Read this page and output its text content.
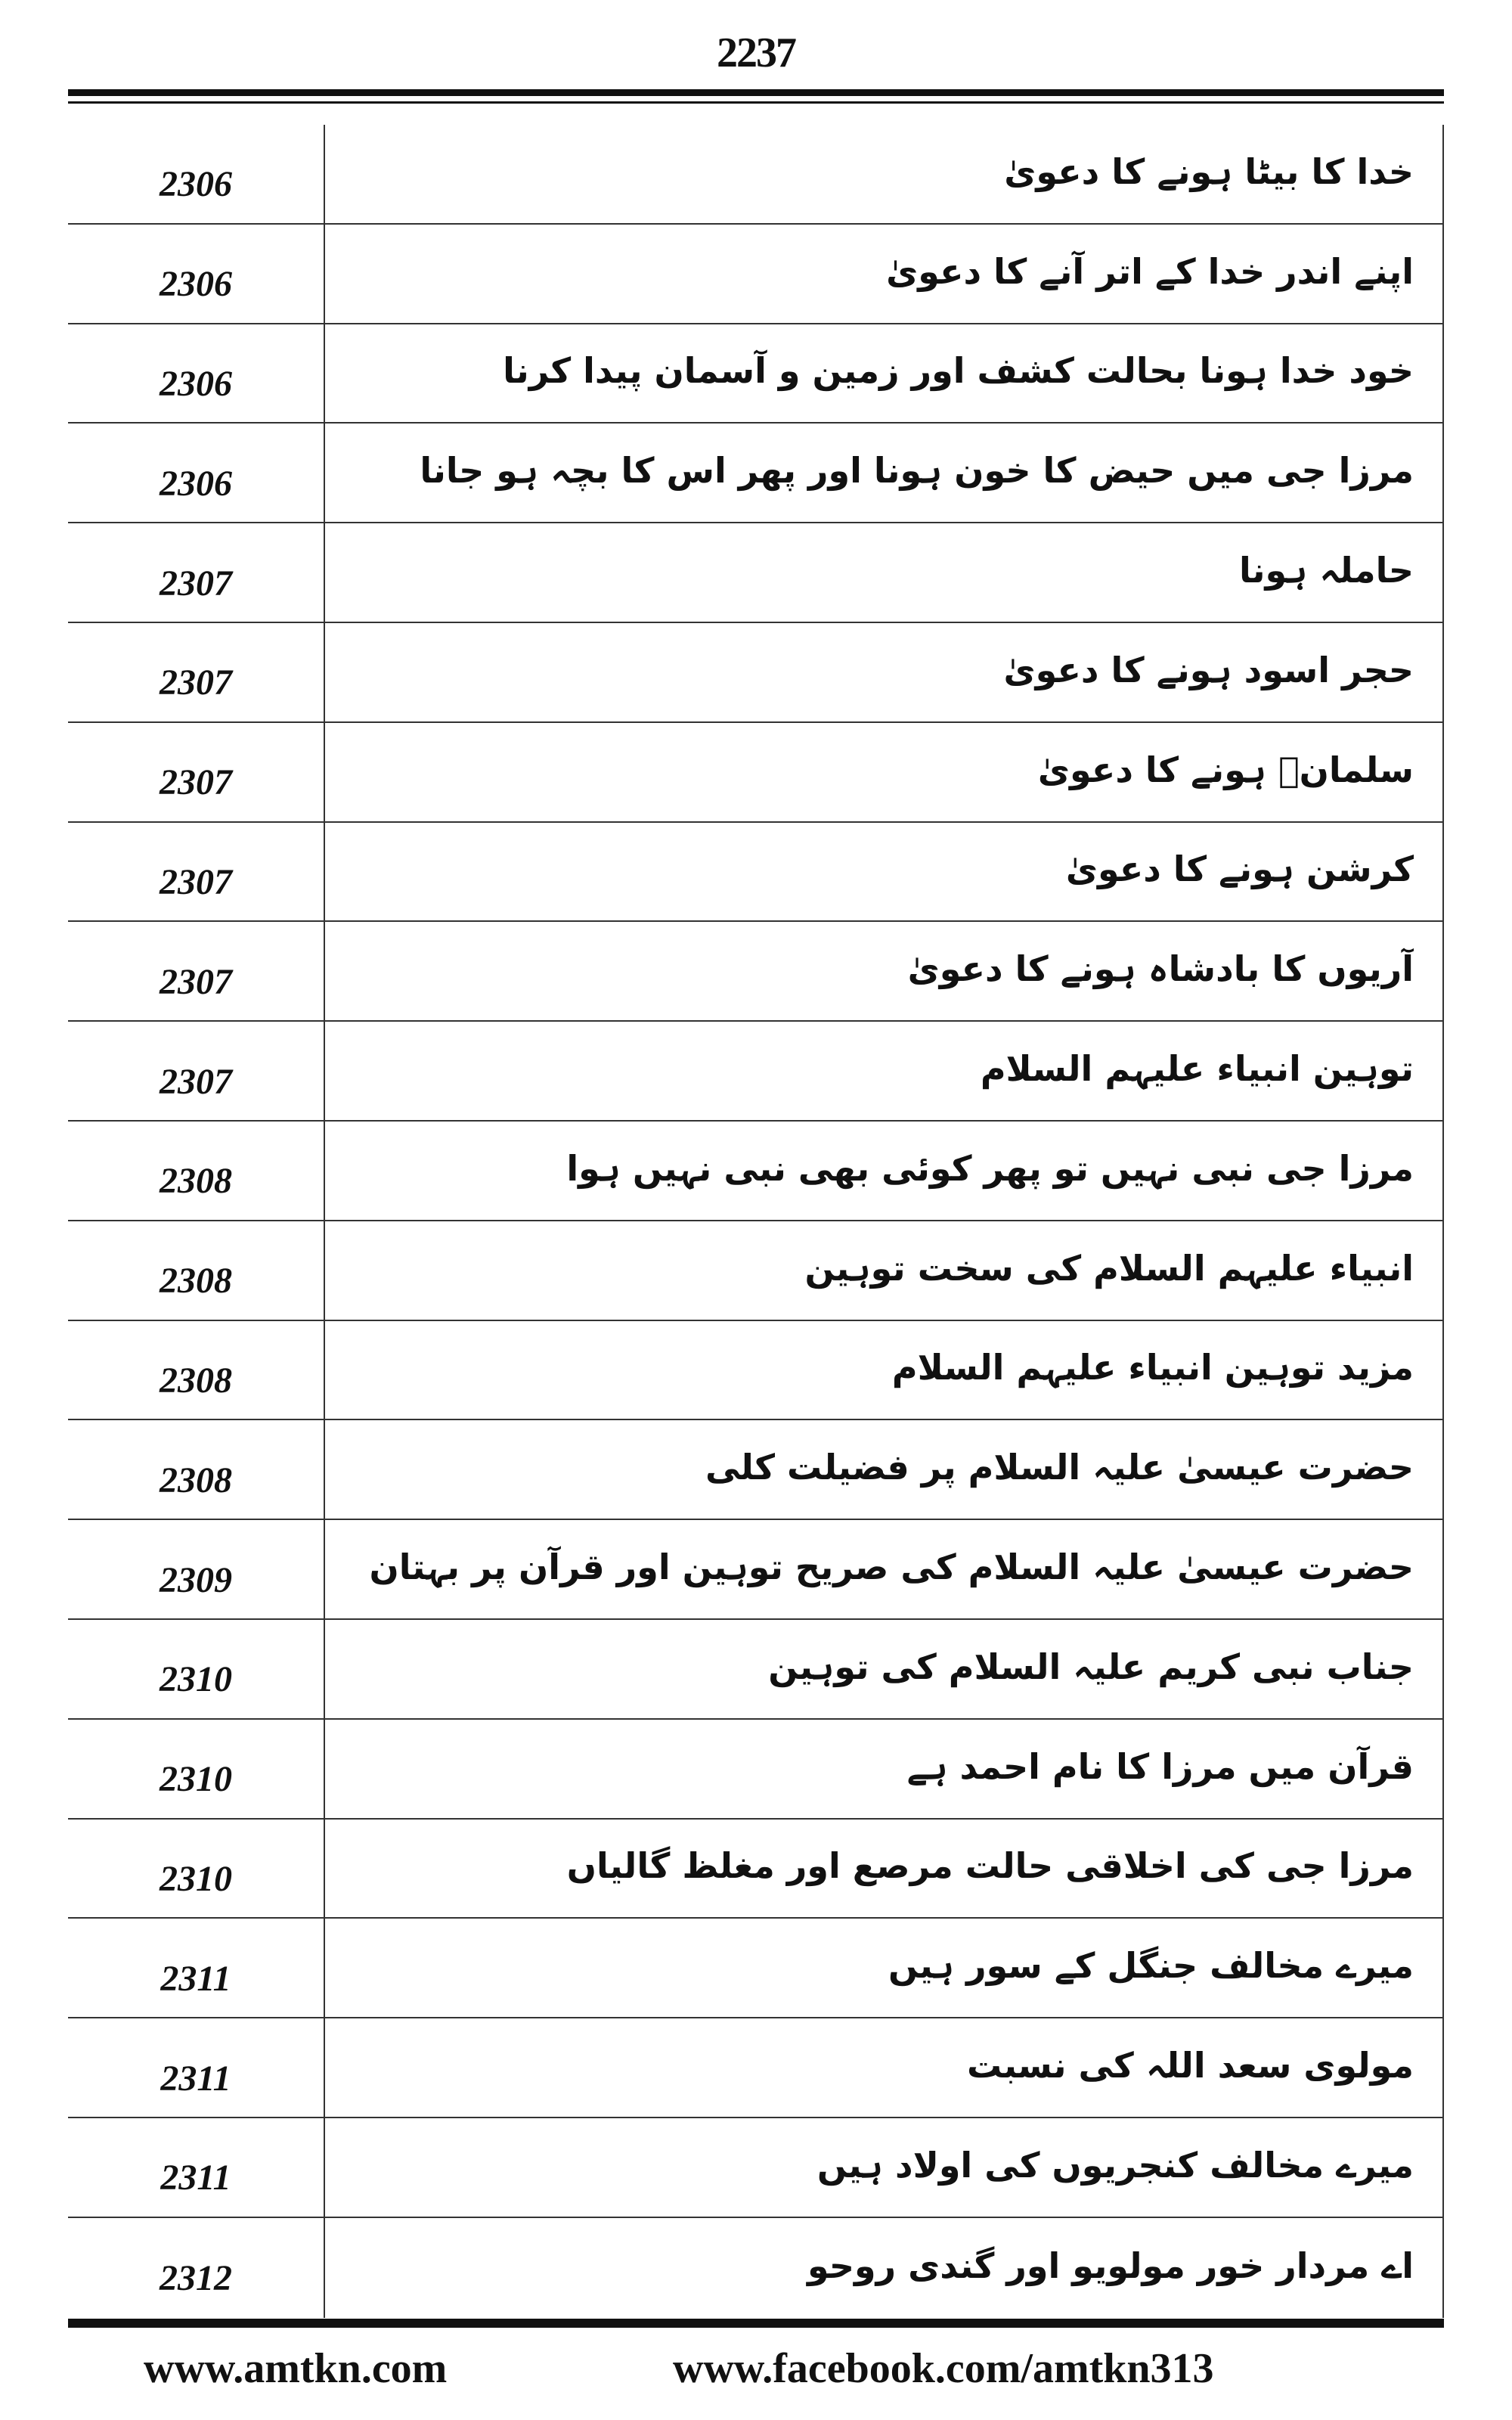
2237
2306	خدا کا بیٹا ہونے کا دعویٰ
2306	اپنے اندر خدا کے اتر آنے کا دعویٰ
2306	خود خدا ہونا بحالت کشف اور زمین و آسمان پیدا کرنا
2306	مرزا جی میں حیض کا خون ہونا اور پھر اس کا بچہ ہو جانا
2307	حاملہ ہونا
2307	حجر اسود ہونے کا دعویٰ
2307	سلمانؓ ہونے کا دعویٰ
2307	کرشن ہونے کا دعویٰ
2307	آریوں کا بادشاہ ہونے کا دعویٰ
2307	توہین انبیاء علیہم السلام
2308	مرزا جی نبی نہیں تو پھر کوئی بھی نبی نہیں ہوا
2308	انبیاء علیہم السلام کی سخت توہین
2308	مزید توہین انبیاء علیہم السلام
2308	حضرت عیسیٰ علیہ السلام پر فضیلت کلی
2309	حضرت عیسیٰ علیہ السلام کی صریح توہین اور قرآن پر بہتان
2310	جناب نبی کریم علیہ السلام کی توہین
2310	قرآن میں مرزا کا نام احمد ہے
2310	مرزا جی کی اخلاقی حالت مرصع اور مغلظ گالیاں
2311	میرے مخالف جنگل کے سور ہیں
2311	مولوی سعد اللہ کی نسبت
2311	میرے مخالف کنجریوں کی اولاد ہیں
2312	اے مردار خور مولویو اور گندی روحو
www.amtkn.com	www.facebook.com/amtkn313
